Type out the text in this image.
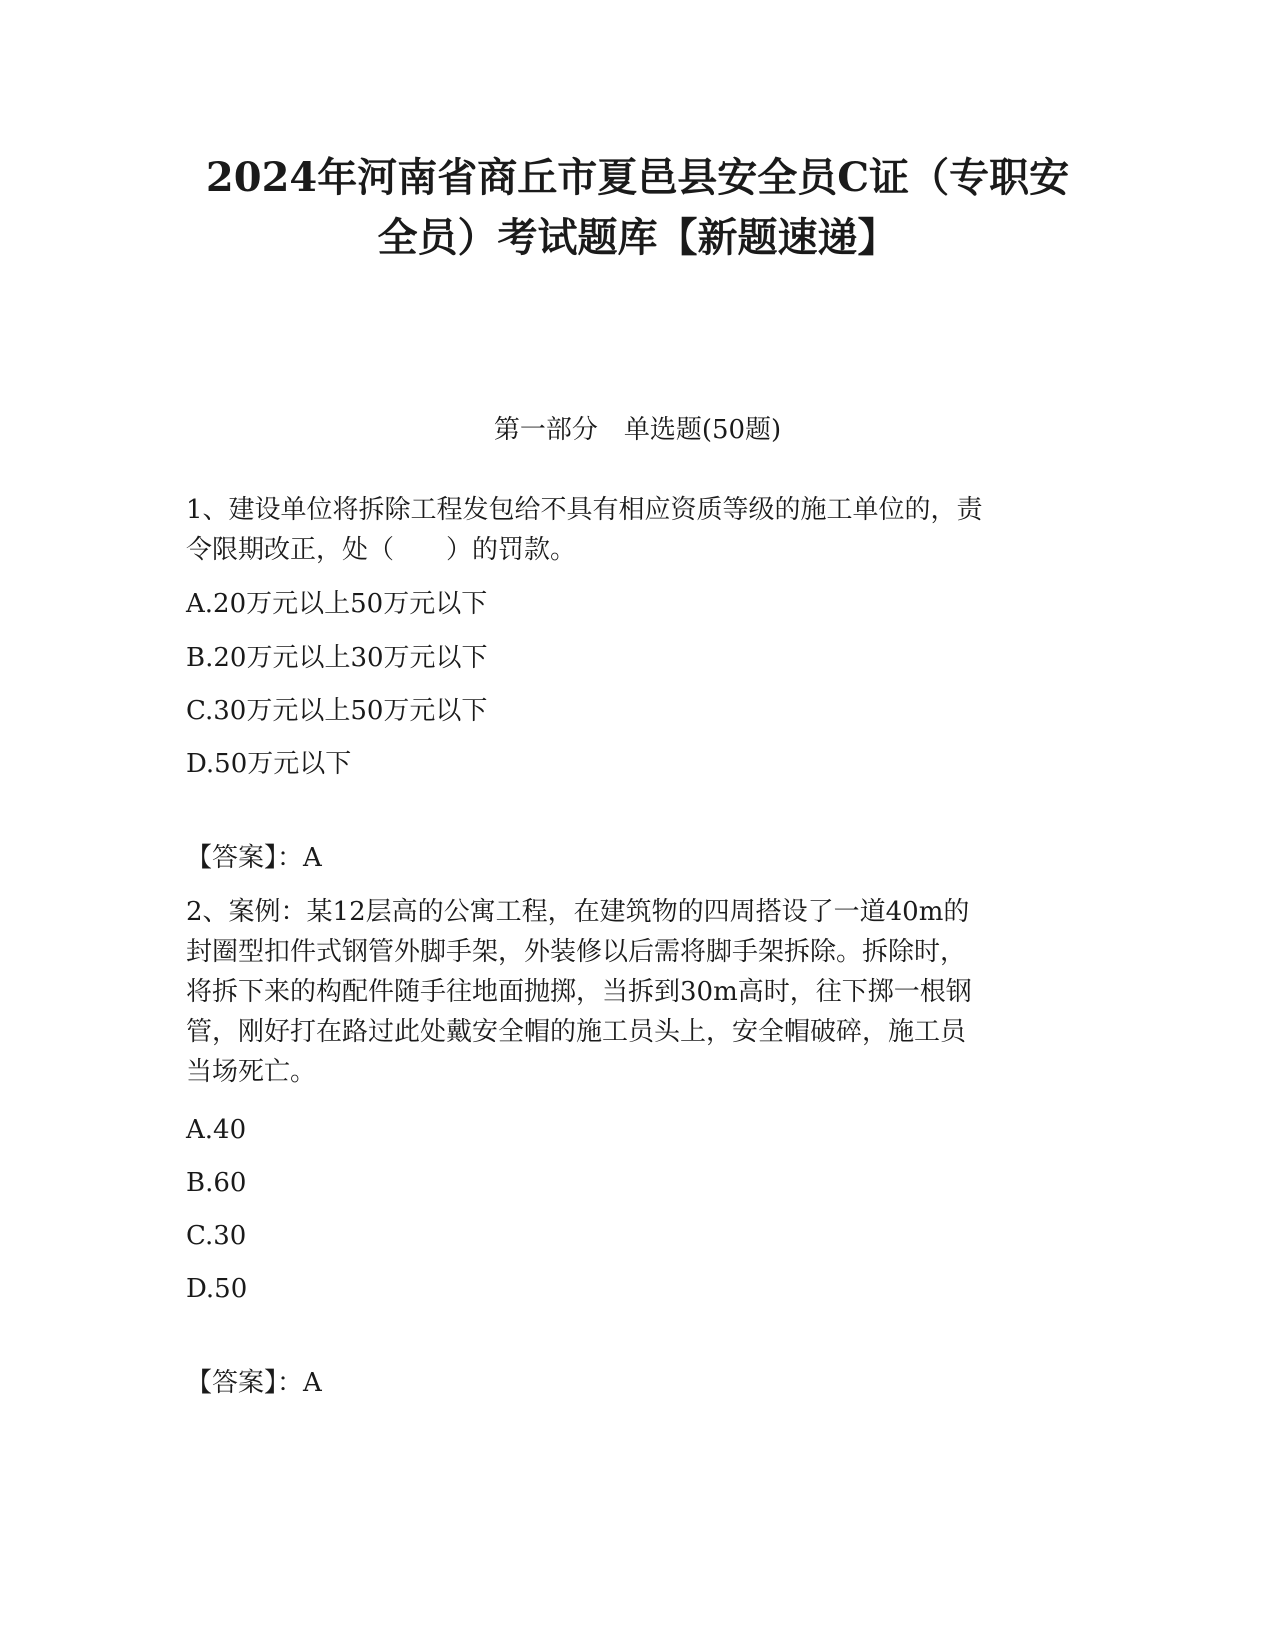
2024年河南省商丘市夏邑县安全员C证（专职安
全员）考试题库【新题速递】
第一部分　单选题(50题)
1、建设单位将拆除工程发包给不具有相应资质等级的施工单位的，责
令限期改正，处（　　）的罚款。
A.20万元以上50万元以下
B.20万元以上30万元以下
C.30万元以上50万元以下
D.50万元以下
【答案】：A
2、案例：某12层高的公寓工程，在建筑物的四周搭设了一道40m的
封圈型扣件式钢管外脚手架，外装修以后需将脚手架拆除。拆除时，
将拆下来的构配件随手往地面抛掷，当拆到30m高时，往下掷一根钢
管，刚好打在路过此处戴安全帽的施工员头上，安全帽破碎，施工员
当场死亡。
A.40
B.60
C.30
D.50
【答案】：A
